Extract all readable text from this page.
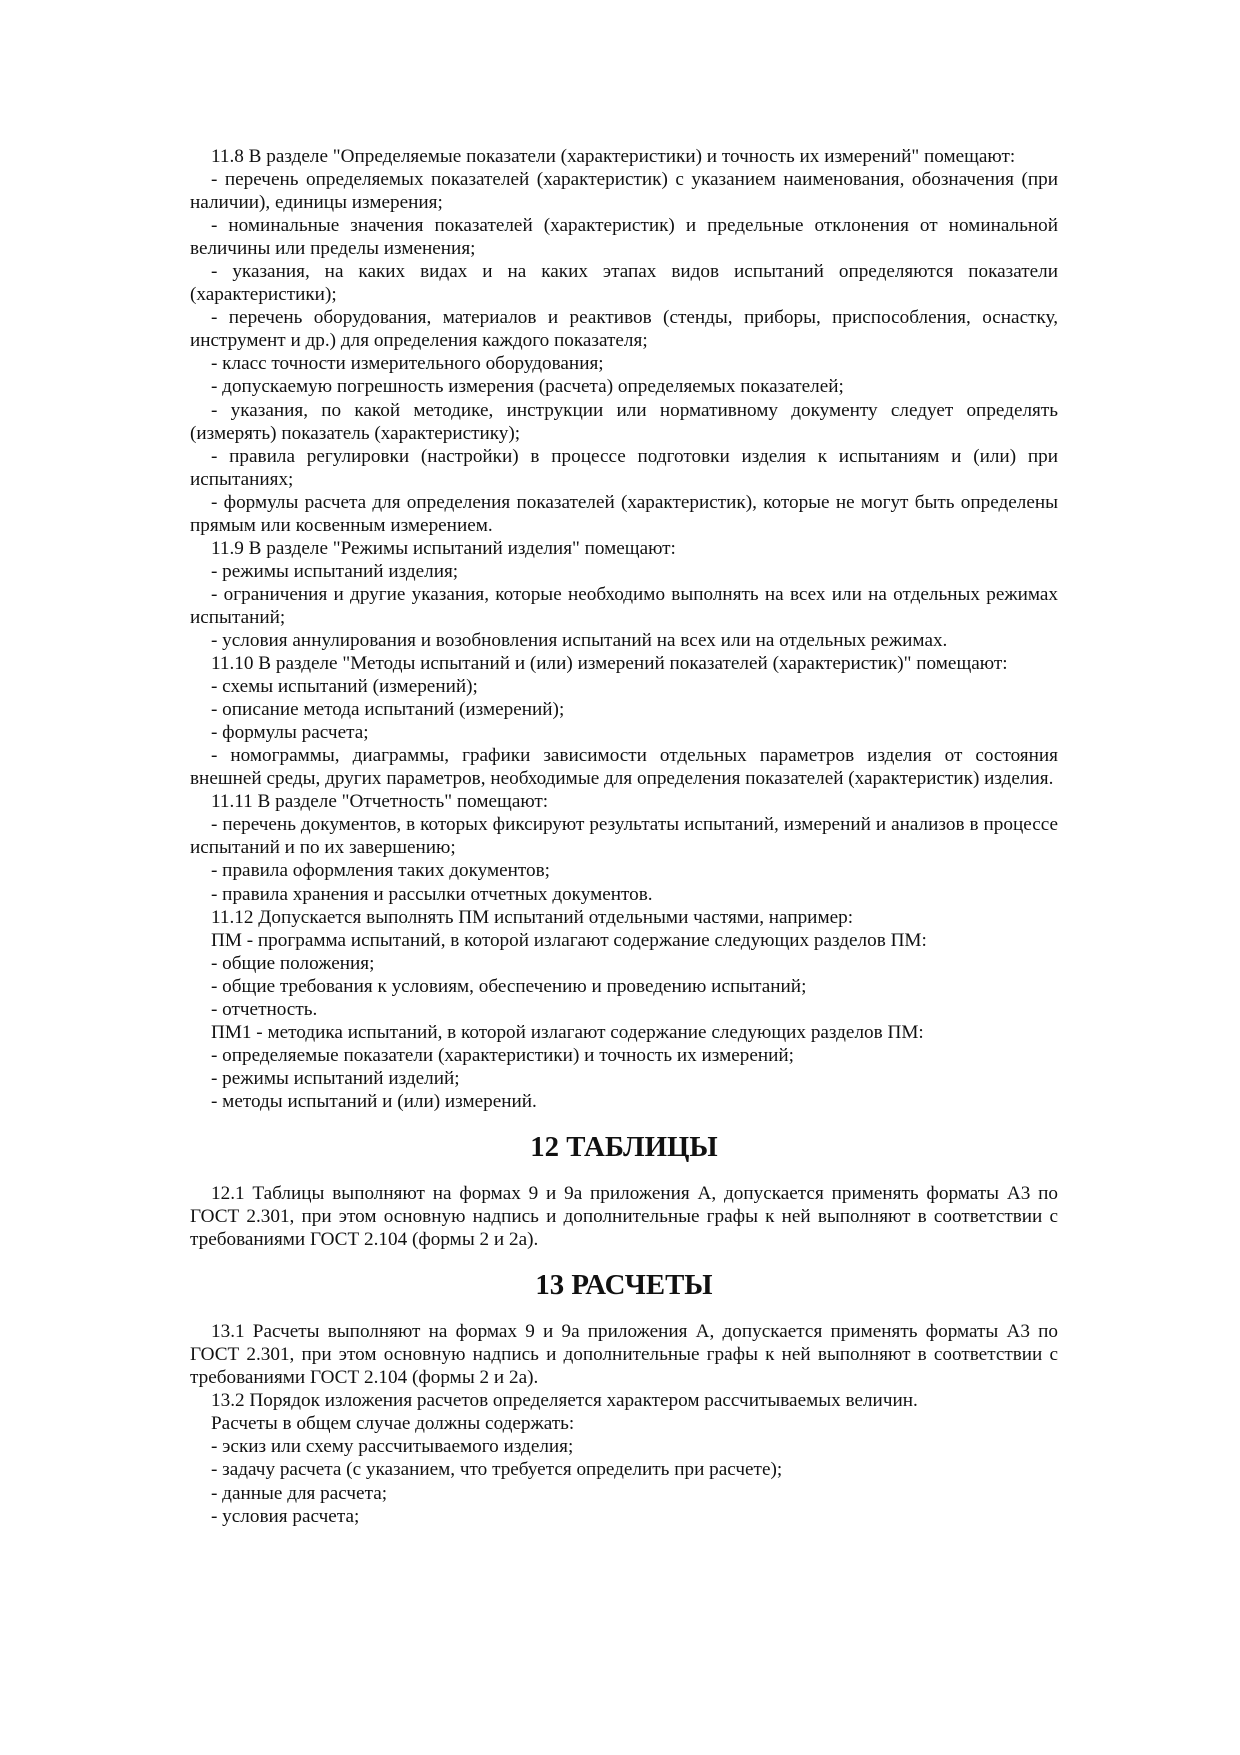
11.8 В разделе "Определяемые показатели (характеристики) и точность их измерений" помещают:

- перечень определяемых показателей (характеристик) с указанием наименования, обозначения (при наличии), единицы измерения;

- номинальные значения показателей (характеристик) и предельные отклонения от номинальной величины или пределы изменения;

- указания, на каких видах и на каких этапах видов испытаний определяются показатели (характеристики);

- перечень оборудования, материалов и реактивов (стенды, приборы, приспособления, оснастку, инструмент и др.) для определения каждого показателя;

- класс точности измерительного оборудования;

- допускаемую погрешность измерения (расчета) определяемых показателей;

- указания, по какой методике, инструкции или нормативному документу следует определять (измерять) показатель (характеристику);

- правила регулировки (настройки) в процессе подготовки изделия к испытаниям и (или) при испытаниях;

- формулы расчета для определения показателей (характеристик), которые не могут быть определены прямым или косвенным измерением.

11.9 В разделе "Режимы испытаний изделия" помещают:

- режимы испытаний изделия;

- ограничения и другие указания, которые необходимо выполнять на всех или на отдельных режимах испытаний;

- условия аннулирования и возобновления испытаний на всех или на отдельных режимах.

11.10 В разделе "Методы испытаний и (или) измерений показателей (характеристик)" помещают:

- схемы испытаний (измерений);

- описание метода испытаний (измерений);

- формулы расчета;

- номограммы, диаграммы, графики зависимости отдельных параметров изделия от состояния внешней среды, других параметров, необходимые для определения показателей (характеристик) изделия.

11.11 В разделе "Отчетность" помещают:

- перечень документов, в которых фиксируют результаты испытаний, измерений и анализов в процессе испытаний и по их завершению;

- правила оформления таких документов;

- правила хранения и рассылки отчетных документов.

11.12 Допускается выполнять ПМ испытаний отдельными частями, например:

ПМ - программа испытаний, в которой излагают содержание следующих разделов ПМ:

- общие положения;

- общие требования к условиям, обеспечению и проведению испытаний;

- отчетность.

ПМ1 - методика испытаний, в которой излагают содержание следующих разделов ПМ:

- определяемые показатели (характеристики) и точность их измерений;

- режимы испытаний изделий;

- методы испытаний и (или) измерений.

12 ТАБЛИЦЫ

12.1 Таблицы выполняют на формах 9 и 9а приложения А, допускается применять форматы А3 по ГОСТ 2.301, при этом основную надпись и дополнительные графы к ней выполняют в соответствии с требованиями ГОСТ 2.104 (формы 2 и 2а).

13 РАСЧЕТЫ

13.1 Расчеты выполняют на формах 9 и 9а приложения А, допускается применять форматы А3 по ГОСТ 2.301, при этом основную надпись и дополнительные графы к ней выполняют в соответствии с требованиями ГОСТ 2.104 (формы 2 и 2а).

13.2 Порядок изложения расчетов определяется характером рассчитываемых величин.

Расчеты в общем случае должны содержать:

- эскиз или схему рассчитываемого изделия;

- задачу расчета (с указанием, что требуется определить при расчете);

- данные для расчета;

- условия расчета;
